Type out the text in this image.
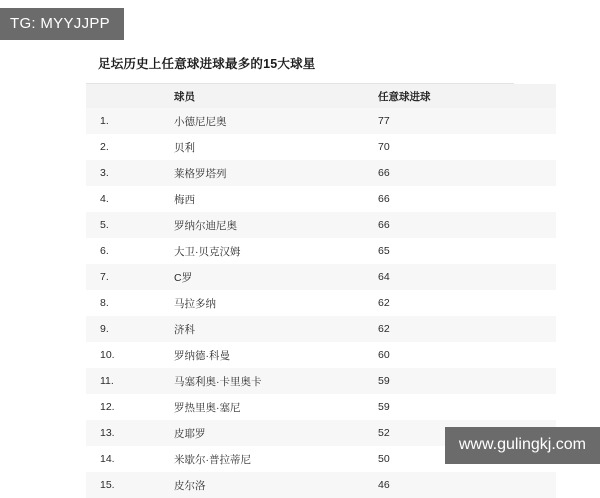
TG: MYYJJPP
足坛历史上任意球进球最多的15大球星
	球员	任意球进球
1.	小德尼尼奥	77
2.	贝利	70
3.	莱格罗塔列	66
4.	梅西	66
5.	罗纳尔迪尼奥	66
6.	大卫·贝克汉姆	65
7.	C罗	64
8.	马拉多纳	62
9.	济科	62
10.	罗纳德·科曼	60
11.	马塞利奥·卡里奥卡	59
12.	罗热里奥·塞尼	59
13.	皮耶罗	52
14.	米歇尔·普拉蒂尼	50
15.	皮尔洛	46
www.gulingkj.com
